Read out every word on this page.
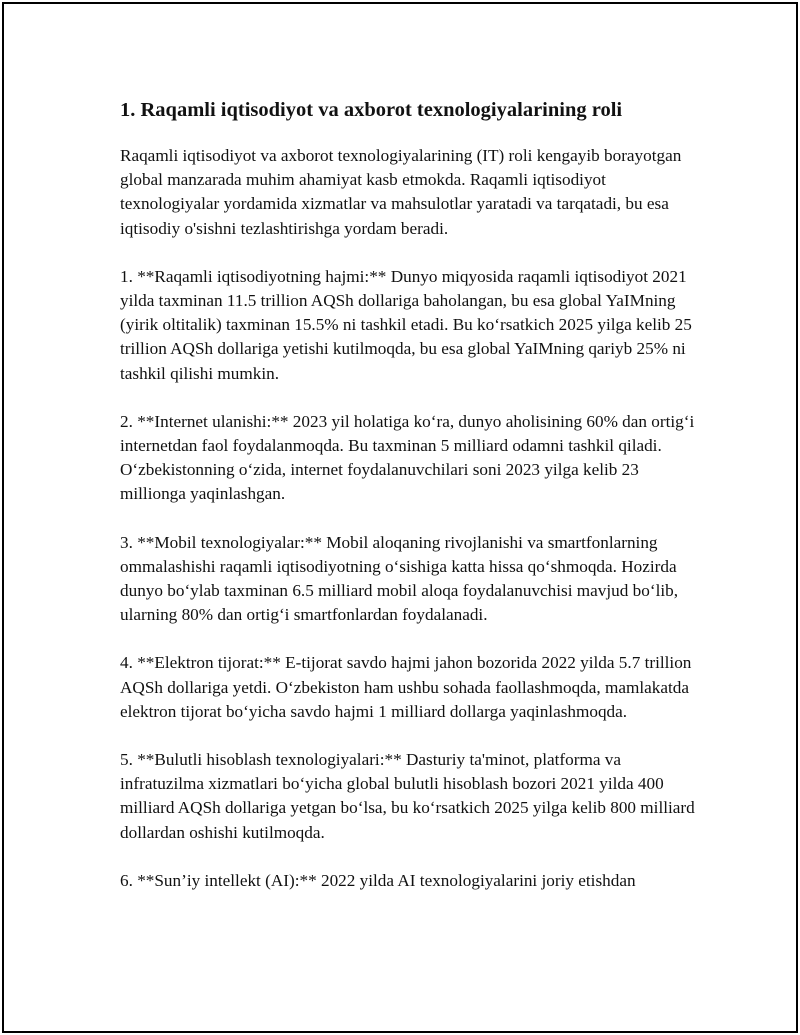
1. Raqamli iqtisodiyot va axborot texnologiyalarining roli

Raqamli iqtisodiyot va axborot texnologiyalarining (IT) roli kengayib borayotgan global manzarada muhim ahamiyat kasb etmokda. Raqamli iqtisodiyot texnologiyalar yordamida xizmatlar va mahsulotlar yaratadi va tarqatadi, bu esa iqtisodiy o'sishni tezlashtirishga yordam beradi.

1. **Raqamli iqtisodiyotning hajmi:** Dunyo miqyosida raqamli iqtisodiyot 2021 yilda taxminan 11.5 trillion AQSh dollariga baholangan, bu esa global YaIMning (yirik oltitalik) taxminan 15.5% ni tashkil etadi. Bu ko‘rsatkich 2025 yilga kelib 25 trillion AQSh dollariga yetishi kutilmoqda, bu esa global YaIMning qariyb 25% ni tashkil qilishi mumkin.

2. **Internet ulanishi:** 2023 yil holatiga ko‘ra, dunyo aholisining 60% dan ortig‘i internetdan faol foydalanmoqda. Bu taxminan 5 milliard odamni tashkil qiladi. O‘zbekistonning o‘zida, internet foydalanuvchilari soni 2023 yilga kelib 23 millionga yaqinlashgan.

3. **Mobil texnologiyalar:** Mobil aloqaning rivojlanishi va smartfonlarning ommalashishi raqamli iqtisodiyotning o‘sishiga katta hissa qo‘shmoqda. Hozirda dunyo bo‘ylab taxminan 6.5 milliard mobil aloqa foydalanuvchisi mavjud bo‘lib, ularning 80% dan ortig‘i smartfonlardan foydalanadi.

4. **Elektron tijorat:** E-tijorat savdo hajmi jahon bozorida 2022 yilda 5.7 trillion AQSh dollariga yetdi. O‘zbekiston ham ushbu sohada faollashmoqda, mamlakatda elektron tijorat bo‘yicha savdo hajmi 1 milliard dollarga yaqinlashmoqda.

5. **Bulutli hisoblash texnologiyalari:** Dasturiy ta'minot, platforma va infratuzilma xizmatlari bo‘yicha global bulutli hisoblash bozori 2021 yilda 400 milliard AQSh dollariga yetgan bo‘lsa, bu ko‘rsatkich 2025 yilga kelib 800 milliard dollardan oshishi kutilmoqda.

6. **Sun’iy intellekt (AI):** 2022 yilda AI texnologiyalarini joriy etishdan
